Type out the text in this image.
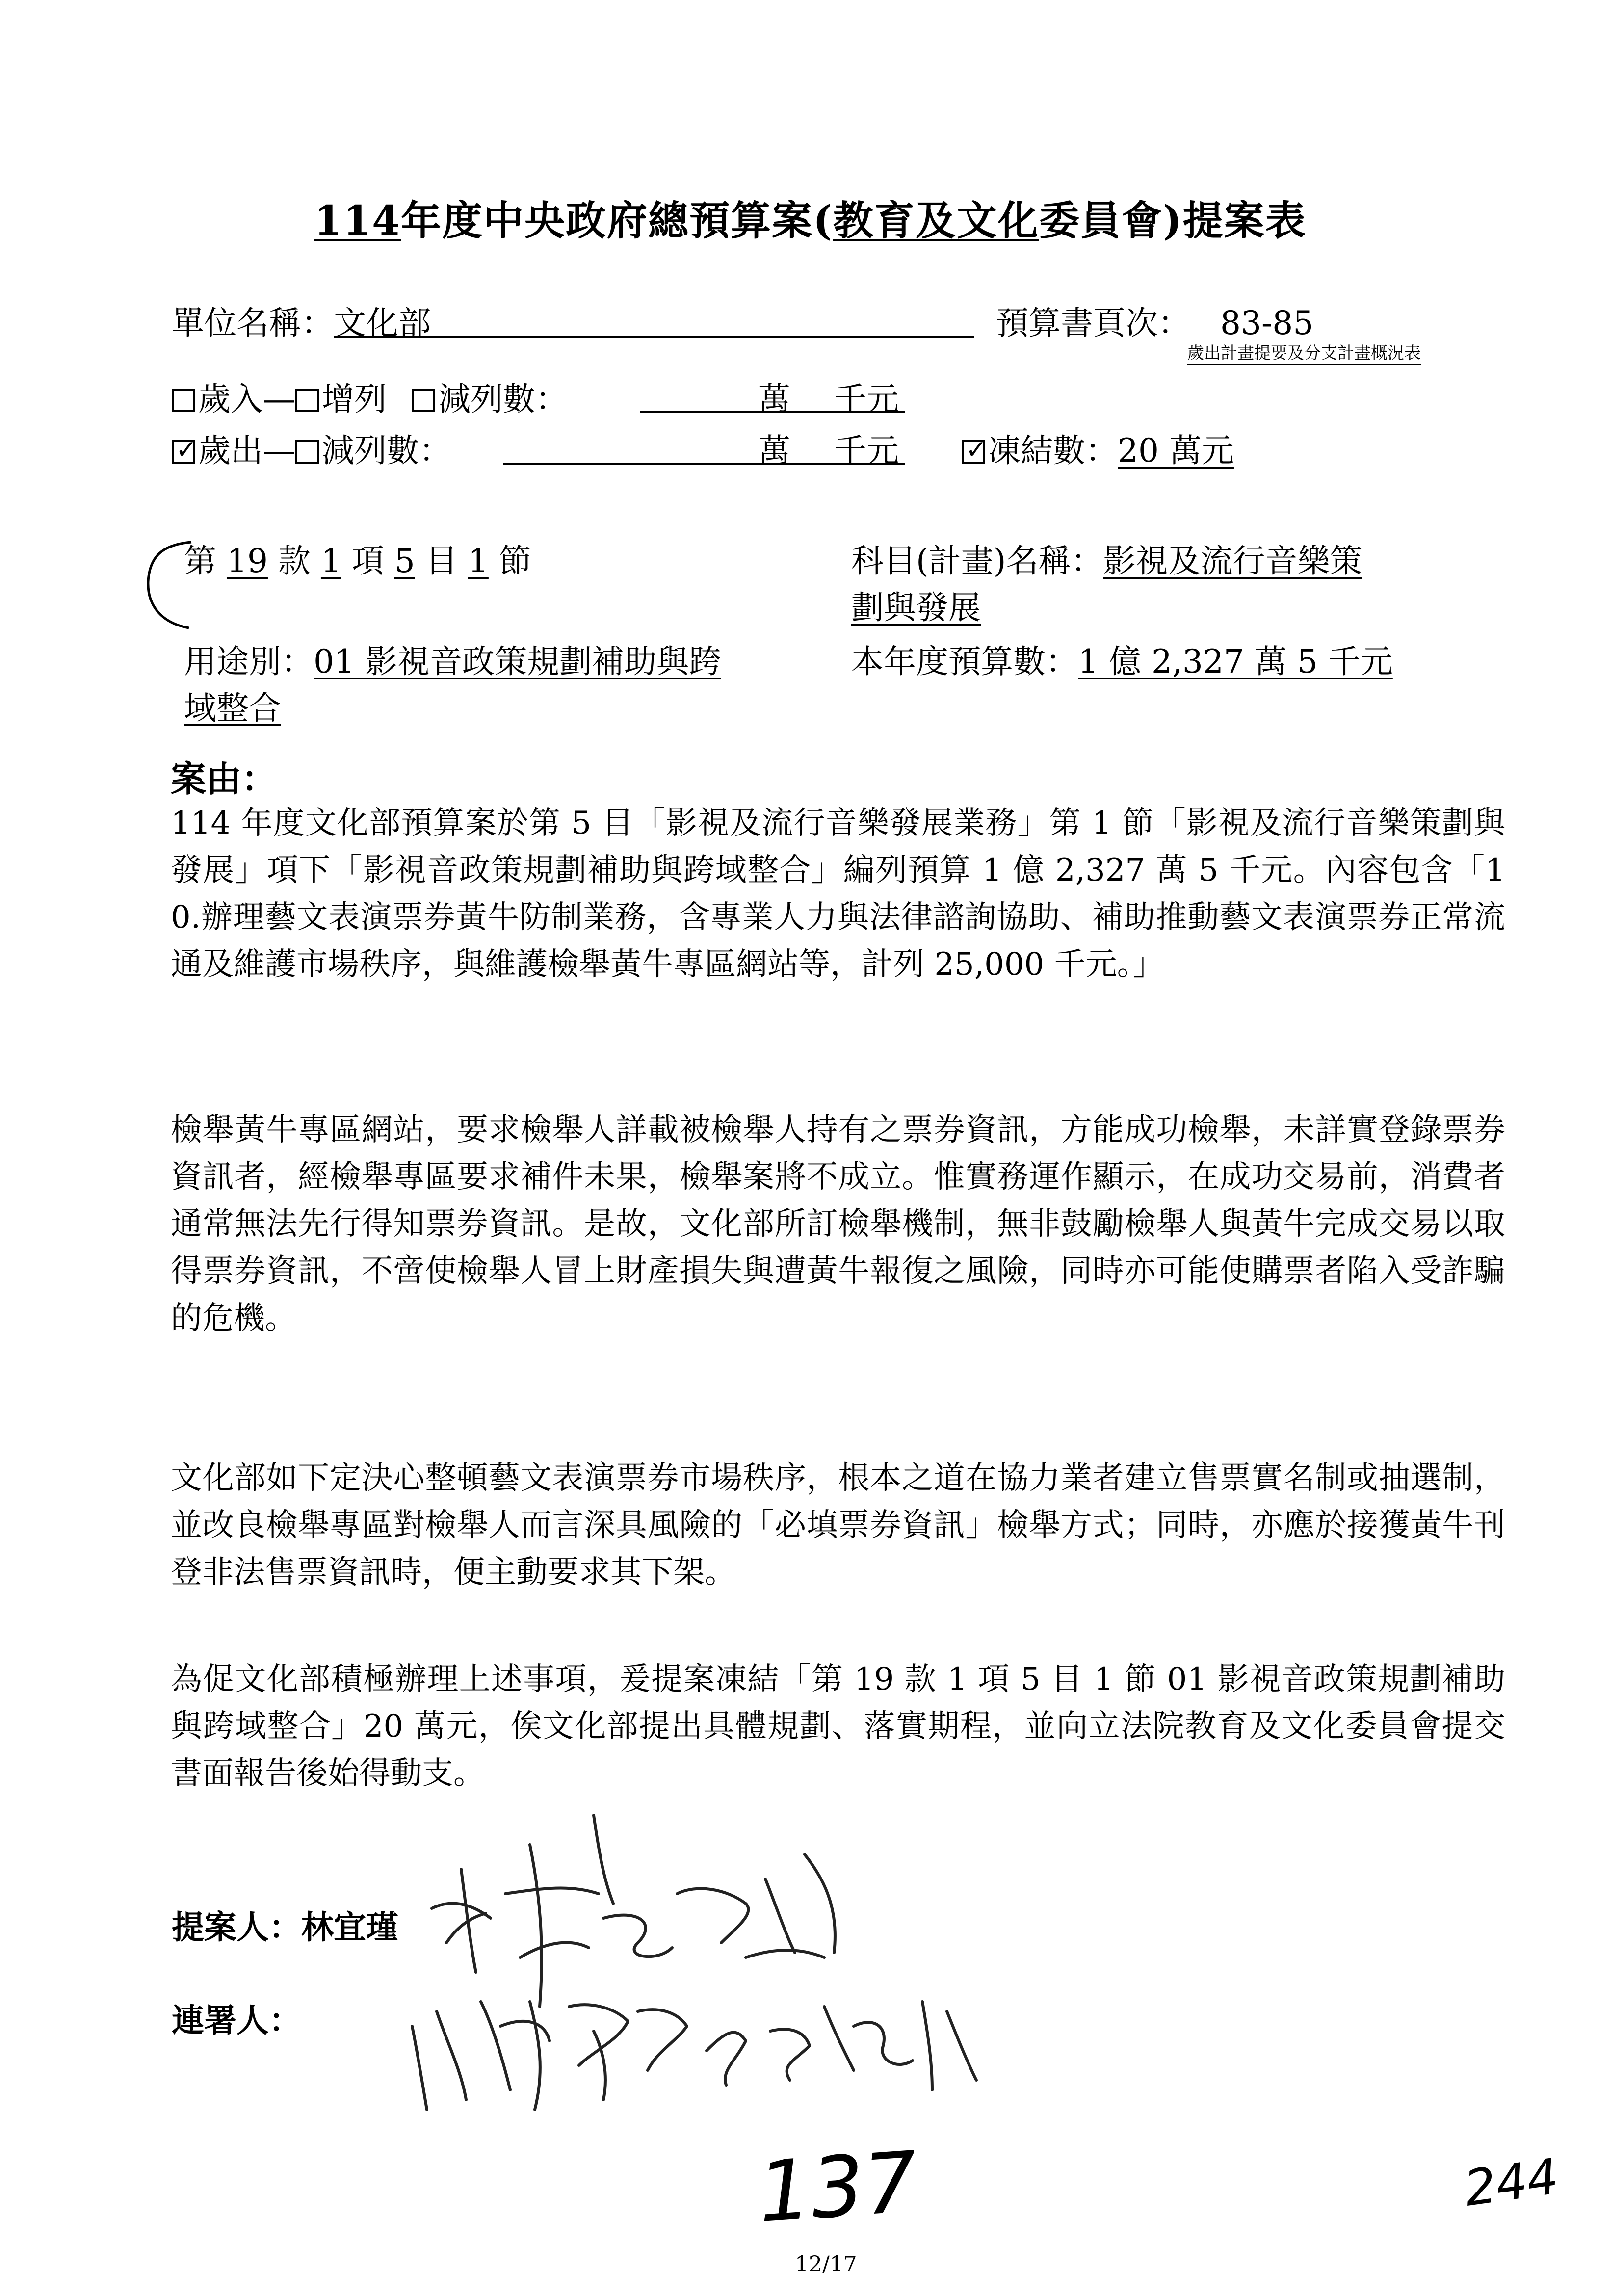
114年度中央政府總預算案(教育及文化委員會)提案表
單位名稱：文化部	預算書頁次： 83-85
歲出計畫提要及分支計畫概況表
歲入— 增列 減列數：	萬 千元
✓歲出— 減列數：	萬 千元
✓	凍結數：20 萬元
第 19 款 1 項 5 目 1 節	科目(計畫)名稱：影視及流行音樂策
劃與發展
用途別：01 影視音政策規劃補助與跨
域整合
本年度預算數：1 億 2,327 萬 5 千元
案由：
114 年度文化部預算案於第 5 目「影視及流行音樂發展業務」第 1 節「影視及流行音樂策劃與發展」項下「影視音政策規劃補助與跨域整合」編列預算 1 億 2,327 萬 5 千元。內容包含「10.辦理藝文表演票券黃牛防制業務，含專業人力與法律諮詢協助、補助推動藝文表演票券正常流通及維護市場秩序，與維護檢舉黃牛專區網站等，計列 25,000 千元。」
檢舉黃牛專區網站，要求檢舉人詳載被檢舉人持有之票券資訊，方能成功檢舉，未詳實登錄票券資訊者，經檢舉專區要求補件未果，檢舉案將不成立。惟實務運作顯示，在成功交易前，消費者通常無法先行得知票券資訊。是故，文化部所訂檢舉機制，無非鼓勵檢舉人與黃牛完成交易以取得票券資訊，不啻使檢舉人冒上財產損失與遭黃牛報復之風險，同時亦可能使購票者陷入受詐騙的危機。
文化部如下定決心整頓藝文表演票券市場秩序，根本之道在協力業者建立售票實名制或抽選制，並改良檢舉專區對檢舉人而言深具風險的「必填票券資訊」檢舉方式；同時，亦應於接獲黃牛刊登非法售票資訊時，便主動要求其下架。
為促文化部積極辦理上述事項，爰提案凍結「第 19 款 1 項 5 目 1 節 01 影視音政策規劃補助與跨域整合」20 萬元，俟文化部提出具體規劃、落實期程，並向立法院教育及文化委員會提交書面報告後始得動支。
提案人：林宜瑾
連署人：
137	244
12/17
